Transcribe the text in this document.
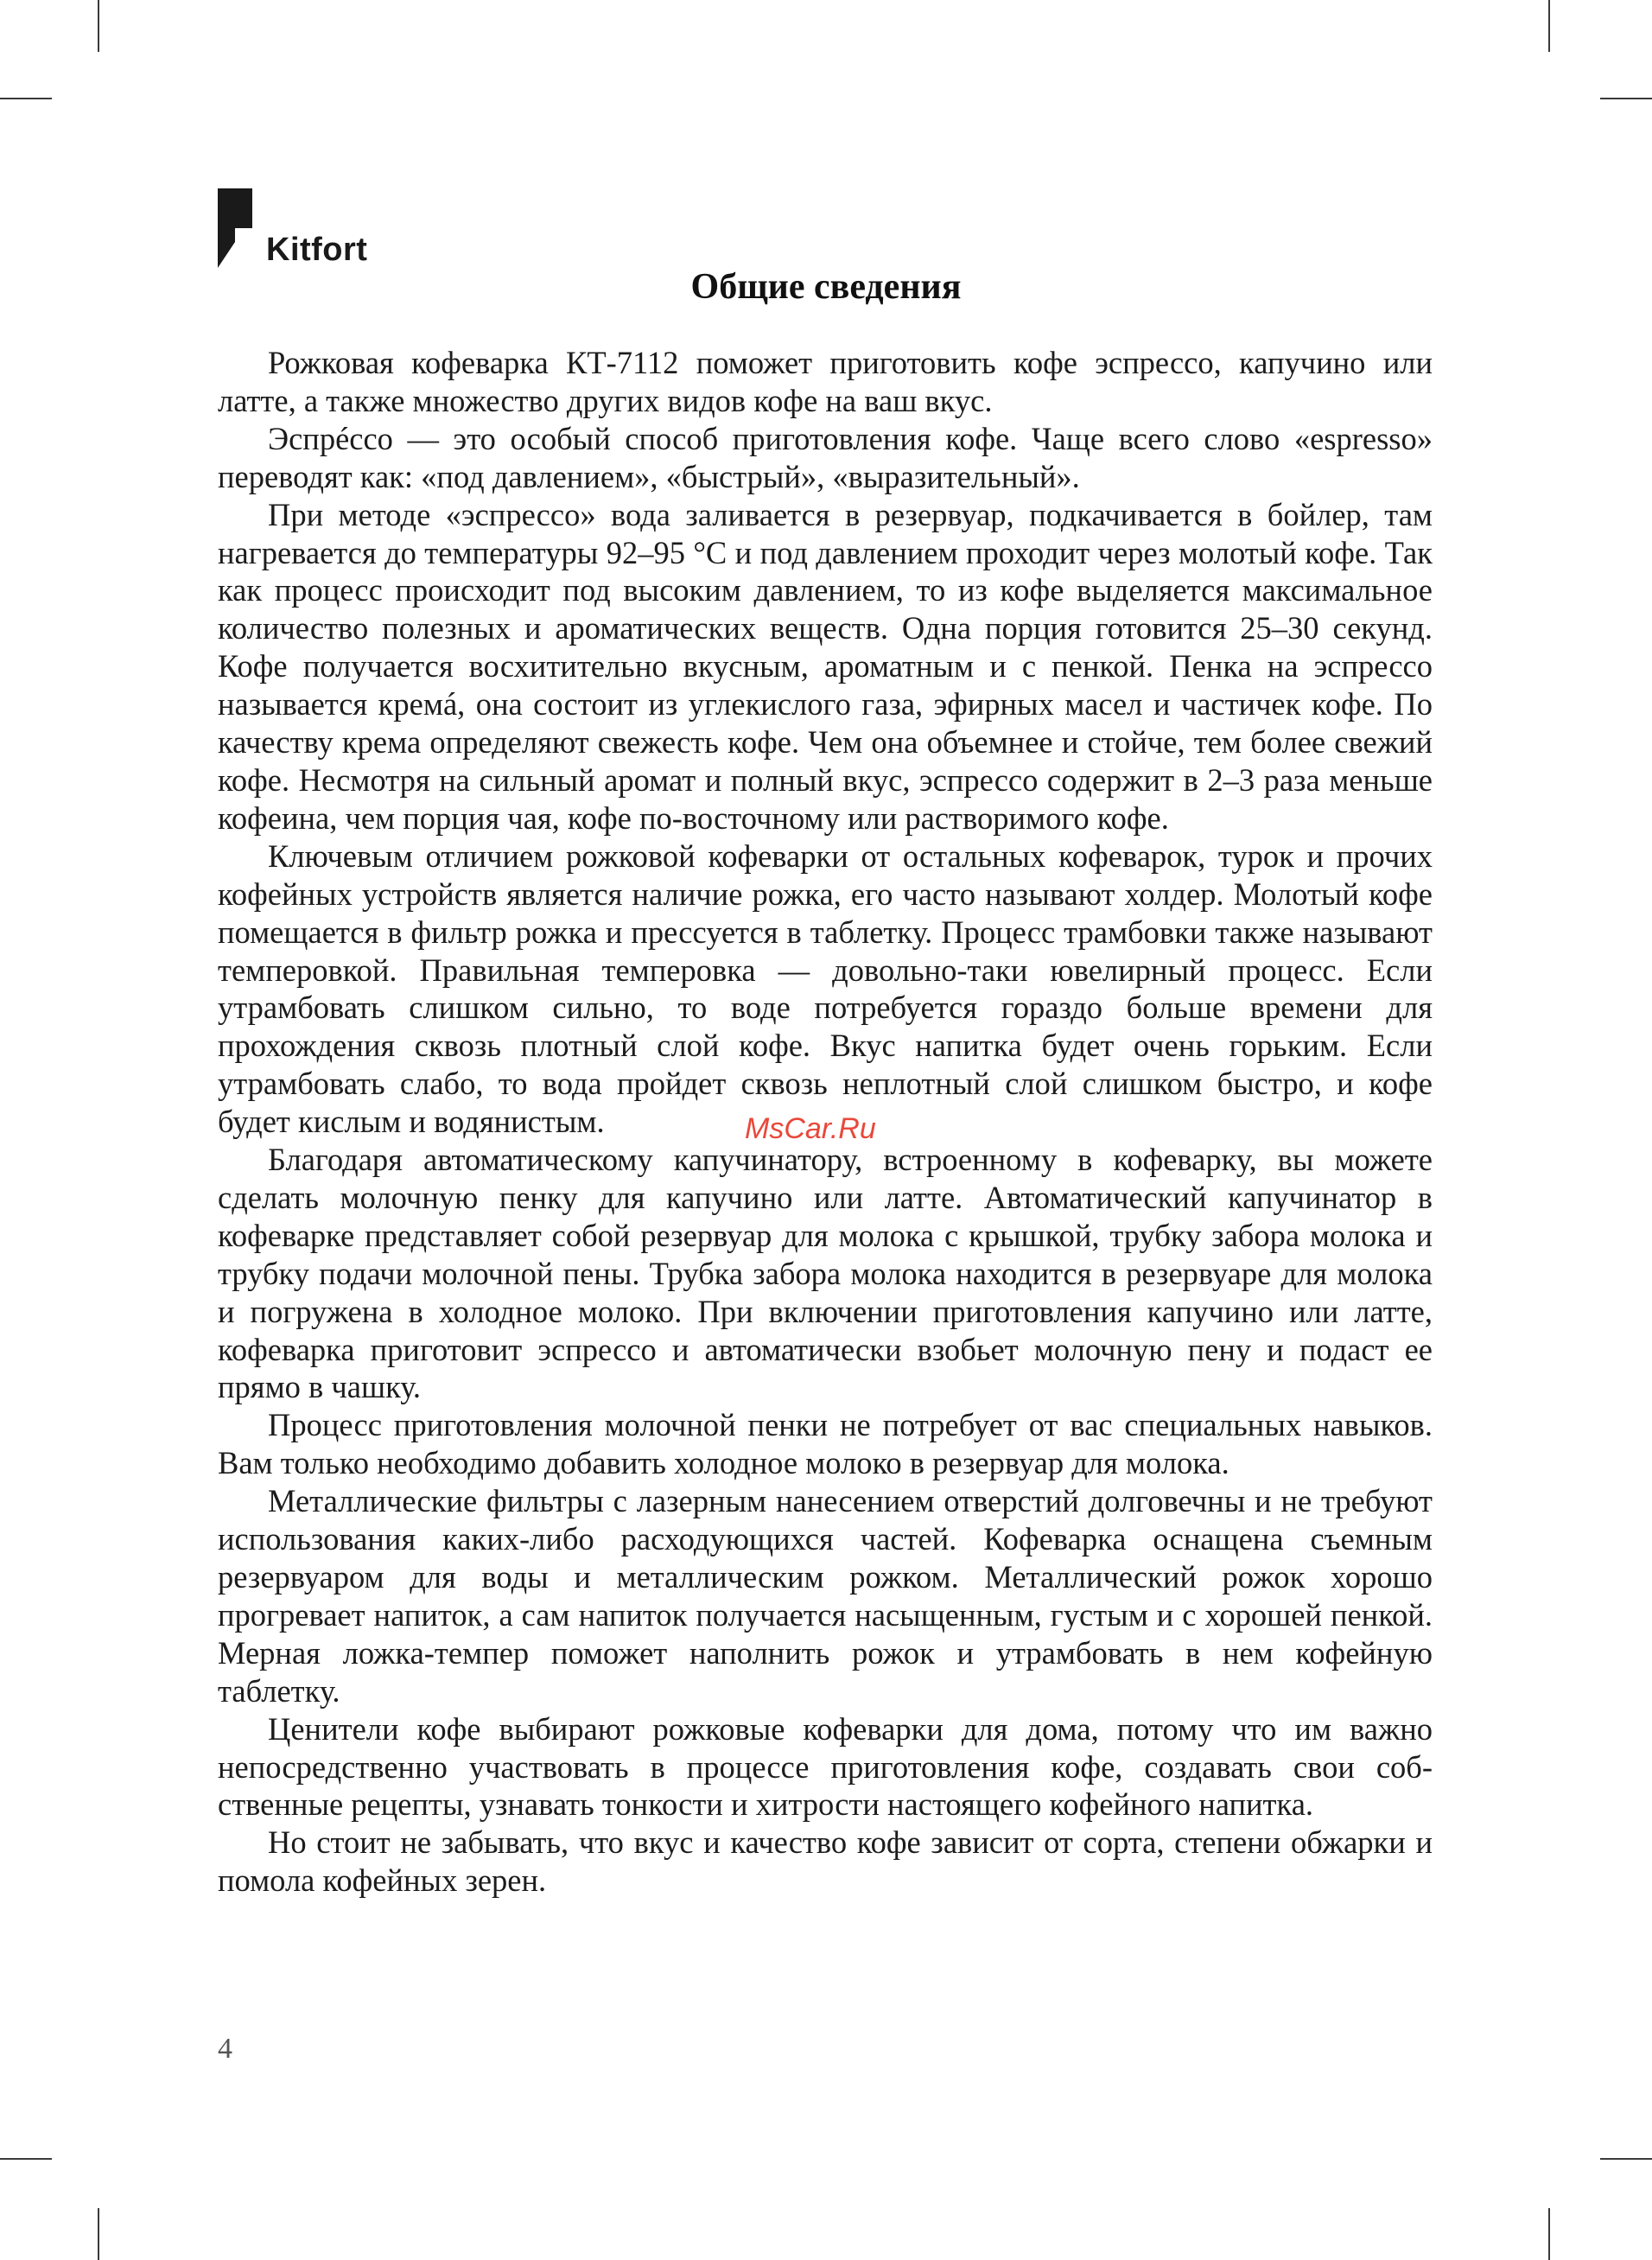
Kitfort
Общие сведения

Рожковая кофеварка КТ-7112 поможет приготовить кофе эспрессо, капучино или латте, а также множество других видов кофе на ваш вкус.

Эспрéссо — это особый способ приготовления кофе. Чаще всего слово «espresso» переводят как: «под давлением», «быстрый», «выразительный».

При методе «эспрессо» вода заливается в резервуар, подкачивается в бойлер, там нагревается до температуры 92–95 °С и под давлением проходит через молотый кофе. Так как процесс происходит под высоким давлением, то из кофе выделяется максимальное количество полезных и ароматических веществ. Одна порция готовится 25–30 секунд. Кофе получается восхитительно вкусным, ароматным и с пенкой. Пенка на эспрессо называется кремá, она состоит из углекислого газа, эфирных масел и частичек кофе. По качеству крема определяют свежесть кофе. Чем она объемнее и стойче, тем более свежий кофе. Несмотря на сильный аромат и полный вкус, эспрессо содержит в 2–3 раза меньше кофеина, чем порция чая, кофе по-восточному или растворимого кофе.

Ключевым отличием рожковой кофеварки от остальных кофеварок, турок и прочих кофейных устройств является наличие рожка, его часто называют холдер. Молотый кофе помещается в фильтр рожка и прессуется в таблетку. Процесс трамбовки также называют темперовкой. Правильная темперовка — довольно-таки ювелирный процесс. Если утрамбовать слишком сильно, то воде потребуется гораздо больше времени для прохождения сквозь плотный слой кофе. Вкус напитка будет очень горьким. Если утрамбовать слабо, то вода пройдет сквозь неплотный слой слишком быстро, и кофе будет кислым и водянистым.

Благодаря автоматическому капучинатору, встроенному в кофеварку, вы можете сделать молочную пенку для капучино или латте. Автоматический капучинатор в кофеварке представляет собой резервуар для молока с крышкой, трубку забора молока и трубку подачи молочной пены. Трубка забора молока находится в резервуаре для молока и погружена в холодное молоко. При включении приготовления капучино или латте, кофеварка приготовит эспрессо и автоматически взобьет молочную пену и подаст ее прямо в чашку.

Процесс приготовления молочной пенки не потребует от вас специальных навыков. Вам только необходимо добавить холодное молоко в резервуар для молока.

Металлические фильтры с лазерным нанесением отверстий долговечны и не требуют использования каких-либо расходующихся частей. Кофеварка оснащена съемным резервуаром для воды и металлическим рожком. Металлический рожок хорошо прогревает напиток, а сам напиток получается насыщенным, густым и с хорошей пенкой. Мерная ложка-темпер поможет наполнить рожок и утрамбовать в нем кофейную таблетку.

Ценители кофе выбирают рожковые кофеварки для дома, потому что им важно непосредственно участвовать в процессе приготовления кофе, создавать свои собственные рецепты, узнавать тонкости и хитрости настоящего кофейного напитка.

Но стоит не забывать, что вкус и качество кофе зависит от сорта, степени обжарки и помола кофейных зерен.

MsCar.Ru
4
